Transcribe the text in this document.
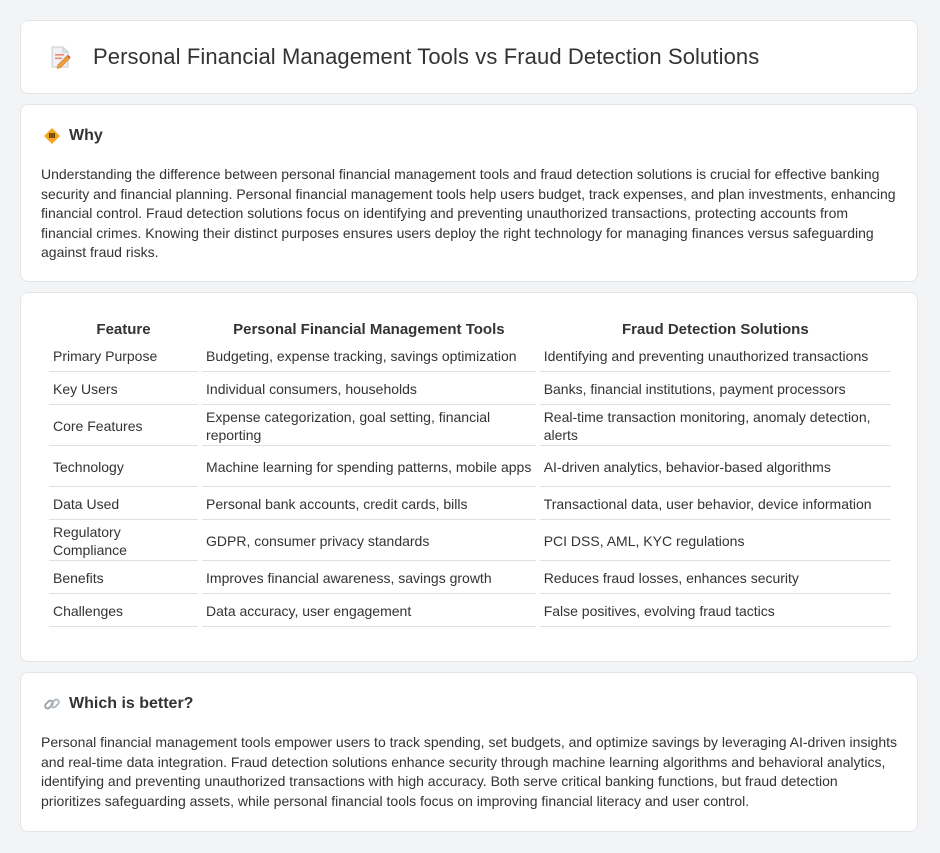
Personal Financial Management Tools vs Fraud Detection Solutions
Why

Understanding the difference between personal financial management tools and fraud detection solutions is crucial for effective banking security and financial planning. Personal financial management tools help users budget, track expenses, and plan investments, enhancing financial control. Fraud detection solutions focus on identifying and preventing unauthorized transactions, protecting accounts from financial crimes. Knowing their distinct purposes ensures users deploy the right technology for managing finances versus safeguarding against fraud risks.

Feature	Personal Financial Management Tools	Fraud Detection Solutions
Primary Purpose	Budgeting, expense tracking, savings optimization	Identifying and preventing unauthorized transactions
Key Users	Individual consumers, households	Banks, financial institutions, payment processors
Core Features	Expense categorization, goal setting, financial reporting	Real-time transaction monitoring, anomaly detection, alerts
Technology	Machine learning for spending patterns, mobile apps	AI-driven analytics, behavior-based algorithms
Data Used	Personal bank accounts, credit cards, bills	Transactional data, user behavior, device information
Regulatory Compliance	GDPR, consumer privacy standards	PCI DSS, AML, KYC regulations
Benefits	Improves financial awareness, savings growth	Reduces fraud losses, enhances security
Challenges	Data accuracy, user engagement	False positives, evolving fraud tactics
Which is better?

Personal financial management tools empower users to track spending, set budgets, and optimize savings by leveraging AI-driven insights and real-time data integration. Fraud detection solutions enhance security through machine learning algorithms and behavioral analytics, identifying and preventing unauthorized transactions with high accuracy. Both serve critical banking functions, but fraud detection prioritizes safeguarding assets, while personal financial tools focus on improving financial literacy and user control.
